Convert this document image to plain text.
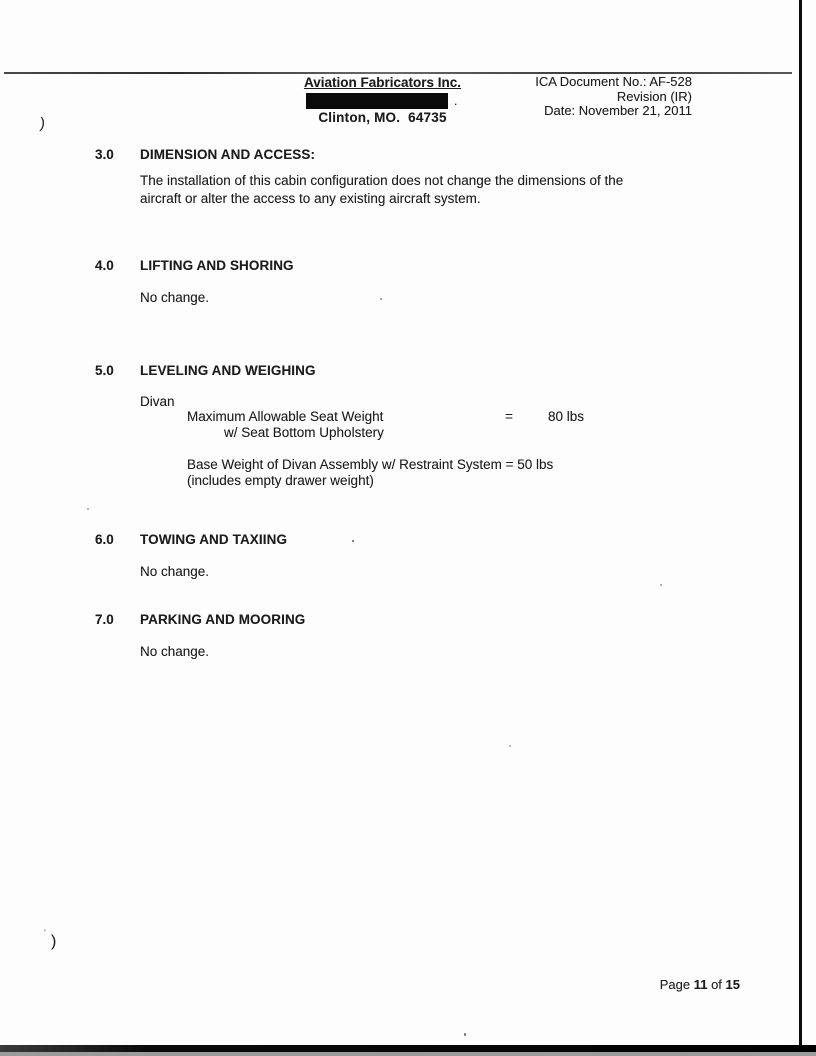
Aviation Fabricators Inc.
.
Clinton, MO.  64735
ICA Document No.: AF-528
Revision (IR)
Date: November 21, 2011
)
)
'
3.0 DIMENSION AND ACCESS:
The installation of this cabin configuration does not change the dimensions of the
aircraft or alter the access to any existing aircraft system.
4.0 LIFTING AND SHORING
No change.
5.0 LEVELING AND WEIGHING
Divan
Maximum Allowable Seat Weight	=	80 lbs
w/ Seat Bottom Upholstery
Base Weight of Divan Assembly w/ Restraint System = 50 lbs
(includes empty drawer weight)
6.0 TOWING AND TAXIING
No change.
7.0 PARKING AND MOORING
No change.
Page 11 of 15
